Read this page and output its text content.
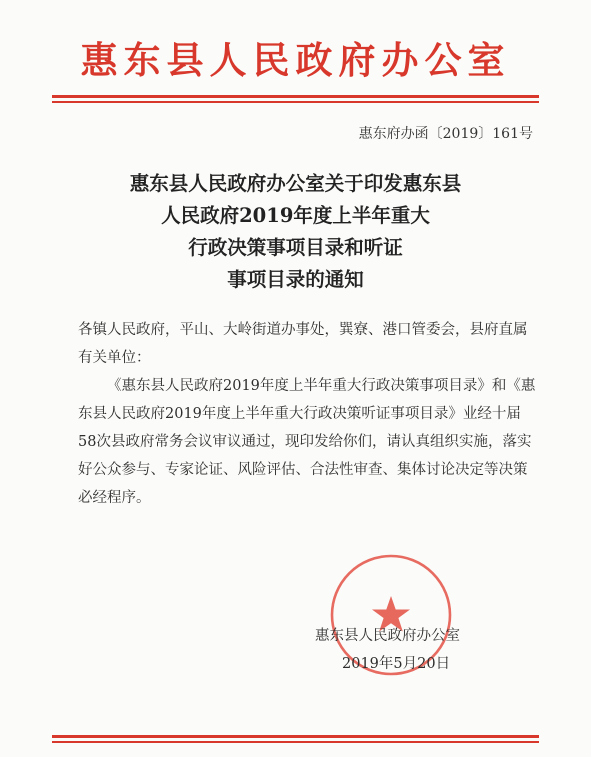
惠东县人民政府办公室
惠东府办函〔2019〕161号
惠东县人民政府办公室关于印发惠东县
人民政府2019年度上半年重大
行政决策事项目录和听证
事项目录的通知

各镇人民政府，平山、大岭街道办事处，巽寮、港口管委会，县府直属有关单位：

《惠东县人民政府2019年度上半年重大行政决策事项目录》和《惠东县人民政府2019年度上半年重大行政决策听证事项目录》业经十届58次县政府常务会议审议通过，现印发给你们，请认真组织实施，落实好公众参与、专家论证、风险评估、合法性审查、集体讨论决定等决策必经程序。

惠东县人民政府办公室
2019年5月20日
